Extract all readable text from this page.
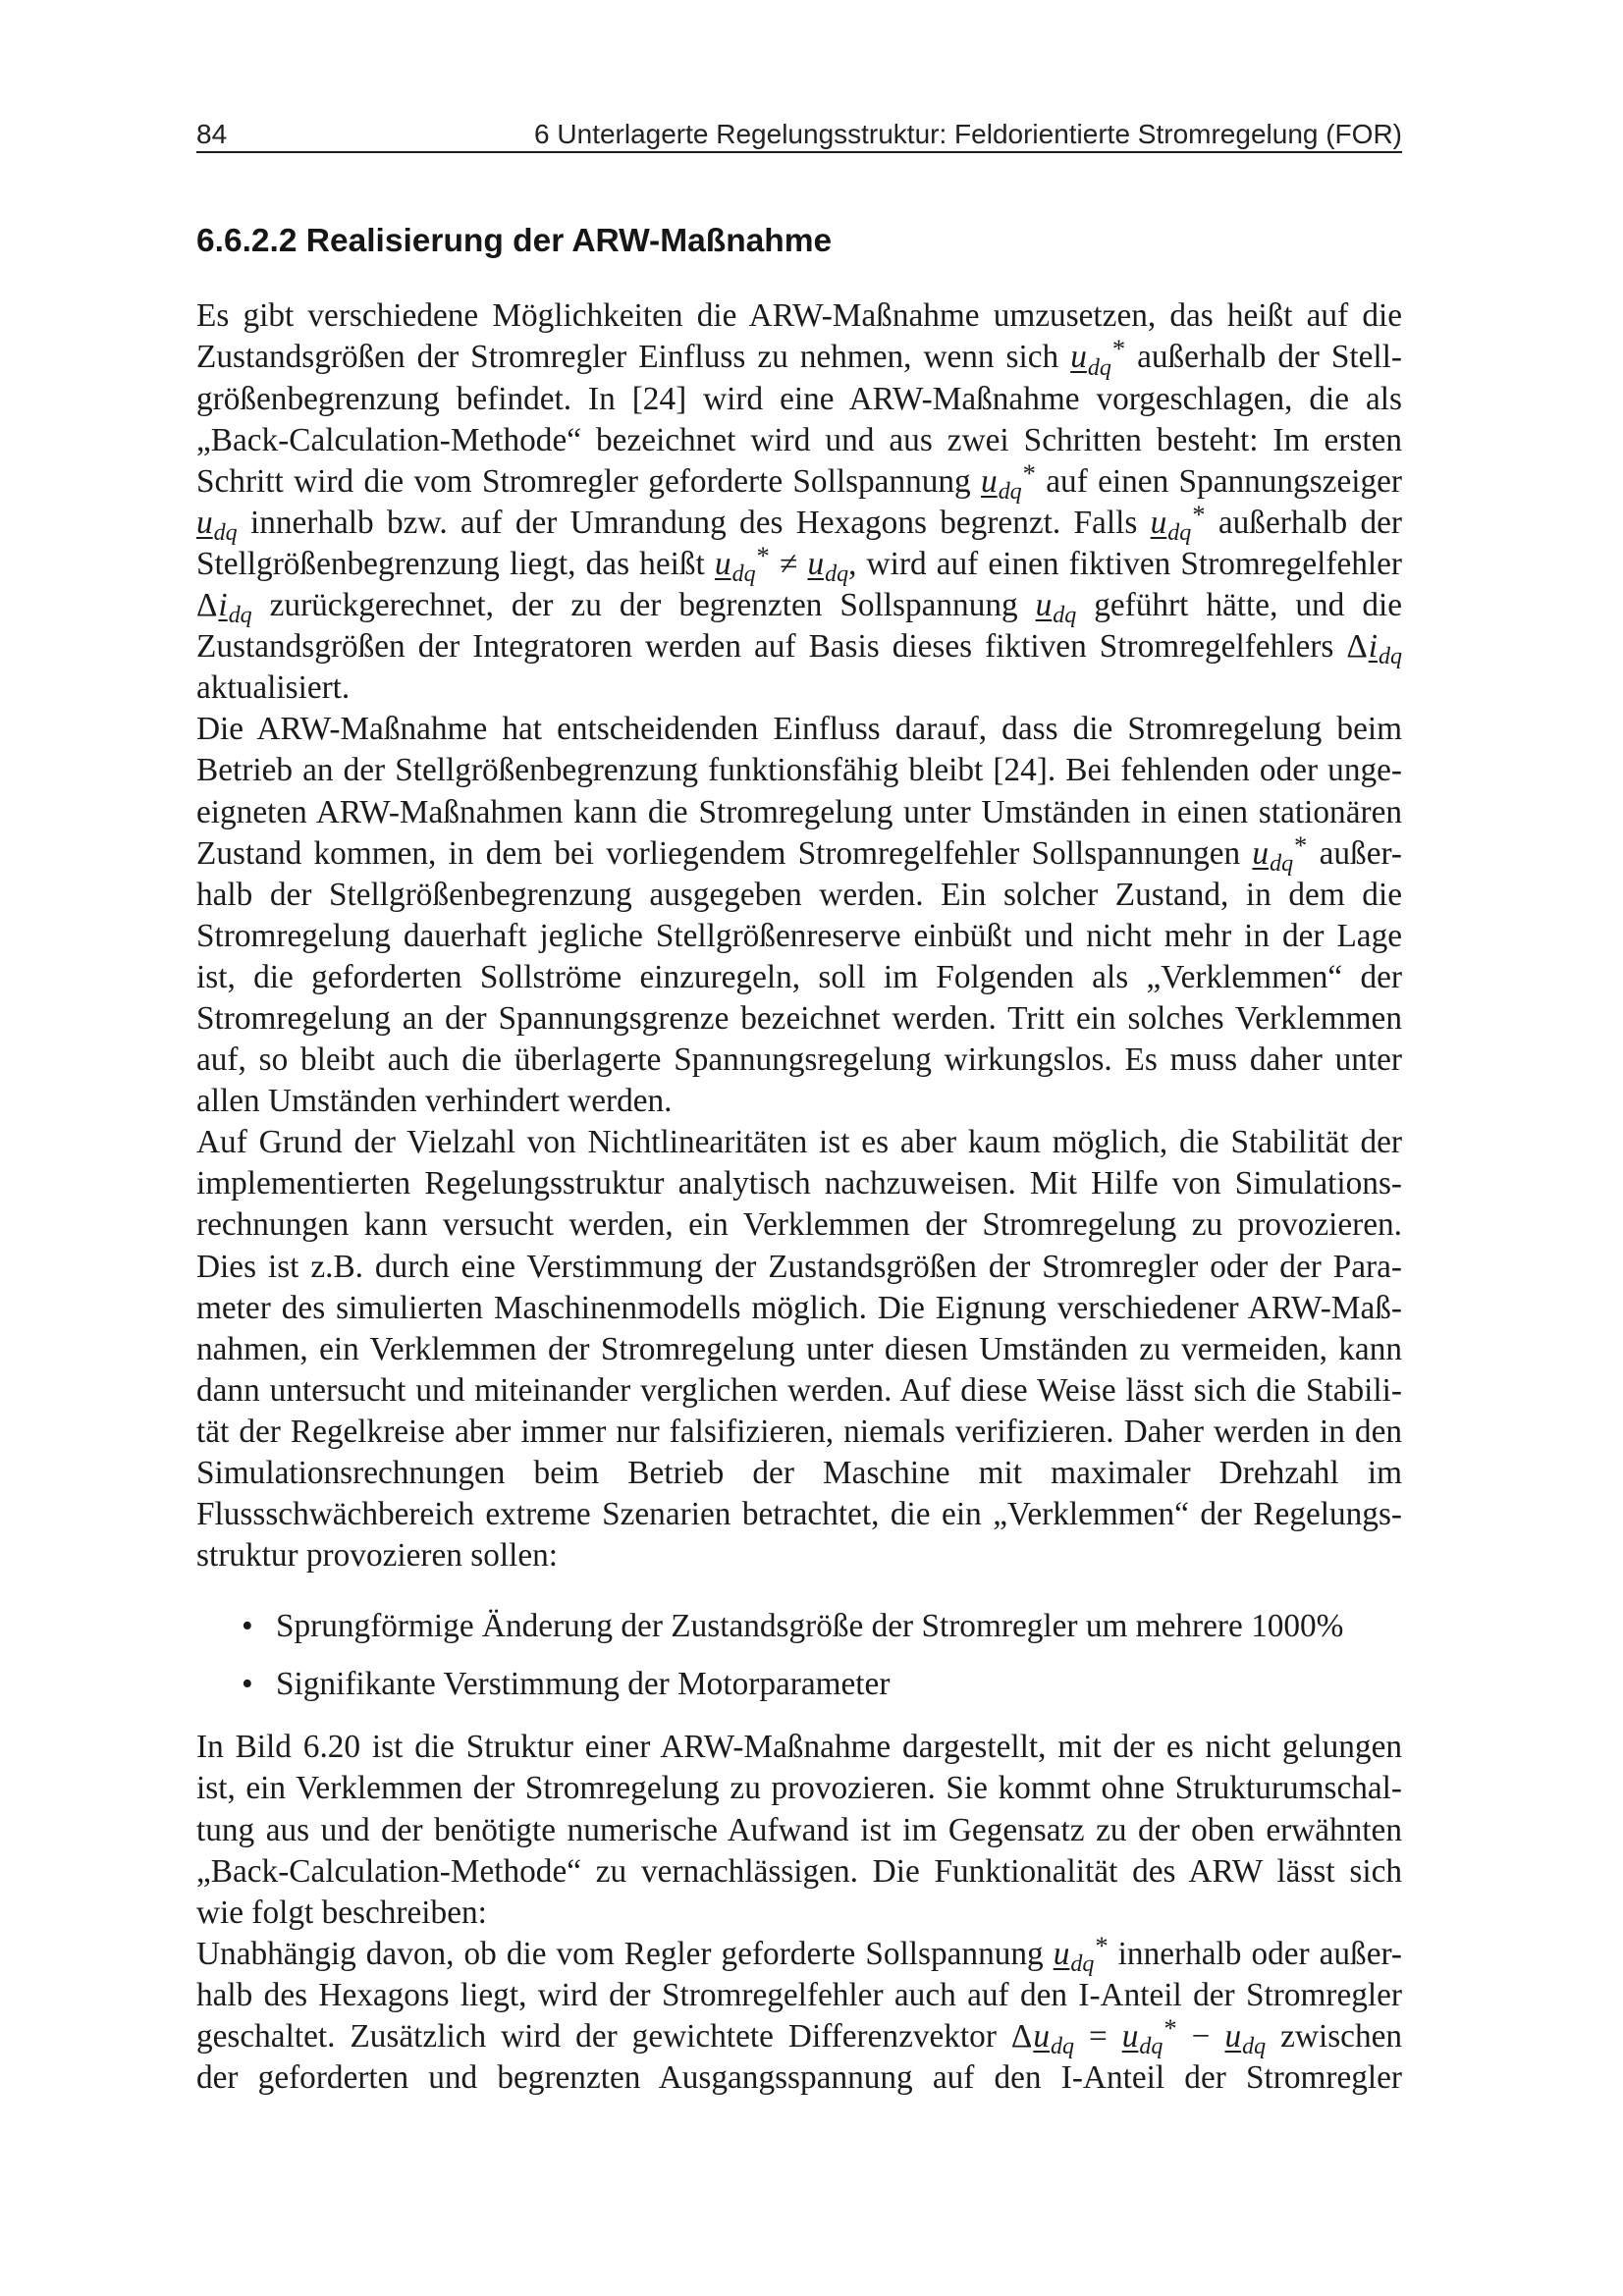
84	6 Unterlagerte Regelungsstruktur: Feldorientierte Stromregelung (FOR)
6.6.2.2 Realisierung der ARW-Maßnahme
Es gibt verschiedene Möglichkeiten die ARW-Maßnahme umzusetzen, das heißt auf die
Zustandsgrößen der Stromregler Einfluss zu nehmen, wenn sich $u_{dq}^*$ außerhalb der Stell-
größenbegrenzung befindet. In [24] wird eine ARW-Maßnahme vorgeschlagen, die als
„Back-Calculation-Methode“ bezeichnet wird und aus zwei Schritten besteht: Im ersten
Schritt wird die vom Stromregler geforderte Sollspannung $u_{dq}^*$ auf einen Spannungszeiger
$u_{dq}$ innerhalb bzw. auf der Umrandung des Hexagons begrenzt. Falls $u_{dq}^*$ außerhalb der
Stellgrößenbegrenzung liegt, das heißt $u_{dq}^* \ne u_{dq}$, wird auf einen fiktiven Stromregelfehler
$\Delta i_{dq}$ zurückgerechnet, der zu der begrenzten Sollspannung $u_{dq}$ geführt hätte, und die
Zustandsgrößen der Integratoren werden auf Basis dieses fiktiven Stromregelfehlers $\Delta i_{dq}$
aktualisiert.
Die ARW-Maßnahme hat entscheidenden Einfluss darauf, dass die Stromregelung beim
Betrieb an der Stellgrößenbegrenzung funktionsfähig bleibt [24]. Bei fehlenden oder unge-
eigneten ARW-Maßnahmen kann die Stromregelung unter Umständen in einen stationären
Zustand kommen, in dem bei vorliegendem Stromregelfehler Sollspannungen $u_{dq}^*$ außer-
halb der Stellgrößenbegrenzung ausgegeben werden. Ein solcher Zustand, in dem die
Stromregelung dauerhaft jegliche Stellgrößenreserve einbüßt und nicht mehr in der Lage
ist, die geforderten Sollströme einzuregeln, soll im Folgenden als „Verklemmen“ der
Stromregelung an der Spannungsgrenze bezeichnet werden. Tritt ein solches Verklemmen
auf, so bleibt auch die überlagerte Spannungsregelung wirkungslos. Es muss daher unter
allen Umständen verhindert werden.
Auf Grund der Vielzahl von Nichtlinearitäten ist es aber kaum möglich, die Stabilität der
implementierten Regelungsstruktur analytisch nachzuweisen. Mit Hilfe von Simulations-
rechnungen kann versucht werden, ein Verklemmen der Stromregelung zu provozieren.
Dies ist z.B. durch eine Verstimmung der Zustandsgrößen der Stromregler oder der Para-
meter des simulierten Maschinenmodells möglich. Die Eignung verschiedener ARW-Maß-
nahmen, ein Verklemmen der Stromregelung unter diesen Umständen zu vermeiden, kann
dann untersucht und miteinander verglichen werden. Auf diese Weise lässt sich die Stabili-
tät der Regelkreise aber immer nur falsifizieren, niemals verifizieren. Daher werden in den
Simulationsrechnungen beim Betrieb der Maschine mit maximaler Drehzahl im
Flussschwächbereich extreme Szenarien betrachtet, die ein „Verklemmen“ der Regelungs-
struktur provozieren sollen:
• Sprungförmige Änderung der Zustandsgröße der Stromregler um mehrere 1000%
• Signifikante Verstimmung der Motorparameter
In Bild 6.20 ist die Struktur einer ARW-Maßnahme dargestellt, mit der es nicht gelungen
ist, ein Verklemmen der Stromregelung zu provozieren. Sie kommt ohne Strukturumschal-
tung aus und der benötigte numerische Aufwand ist im Gegensatz zu der oben erwähnten
„Back-Calculation-Methode“ zu vernachlässigen. Die Funktionalität des ARW lässt sich
wie folgt beschreiben:
Unabhängig davon, ob die vom Regler geforderte Sollspannung $u_{dq}^*$ innerhalb oder außer-
halb des Hexagons liegt, wird der Stromregelfehler auch auf den I-Anteil der Stromregler
geschaltet. Zusätzlich wird der gewichtete Differenzvektor $\Delta u_{dq} = u_{dq}^* - u_{dq}$ zwischen
der geforderten und begrenzten Ausgangsspannung auf den I-Anteil der Stromregler
